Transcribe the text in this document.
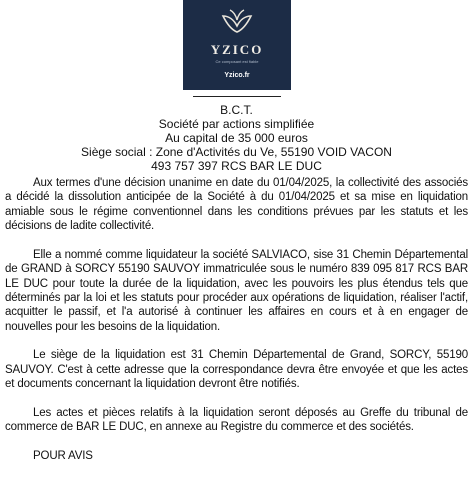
YZICO
Ce composant est fiable
Yzico.fr
B.C.T.
Société par actions simplifiée
Au capital de 35 000 euros
Siège social : Zone d'Activités du Ve, 55190 VOID VACON
493 757 397 RCS BAR LE DUC

Aux termes d'une décision unanime en date du 01/04/2025, la collectivité des associés a décidé la dissolution anticipée de la Société à du 01/04/2025 et sa mise en liquidation amiable sous le régime conventionnel dans les conditions prévues par les statuts et les décisions de ladite collectivité.

Elle a nommé comme liquidateur la société SALVIACO, sise 31 Chemin Départemental de GRAND à SORCY 55190 SAUVOY immatriculée sous le numéro 839 095 817 RCS BAR LE DUC pour toute la durée de la liquidation, avec les pouvoirs les plus étendus tels que déterminés par la loi et les statuts pour procéder aux opérations de liquidation, réaliser l'actif, acquitter le passif, et l'a autorisé à continuer les affaires en cours et à en engager de nouvelles pour les besoins de la liquidation.

Le siège de la liquidation est 31 Chemin Départemental de Grand, SORCY, 55190 SAUVOY. C'est à cette adresse que la correspondance devra être envoyée et que les actes et documents concernant la liquidation devront être notifiés.

Les actes et pièces relatifs à la liquidation seront déposés au Greffe du tribunal de commerce de BAR LE DUC, en annexe au Registre du commerce et des sociétés.

POUR AVIS
